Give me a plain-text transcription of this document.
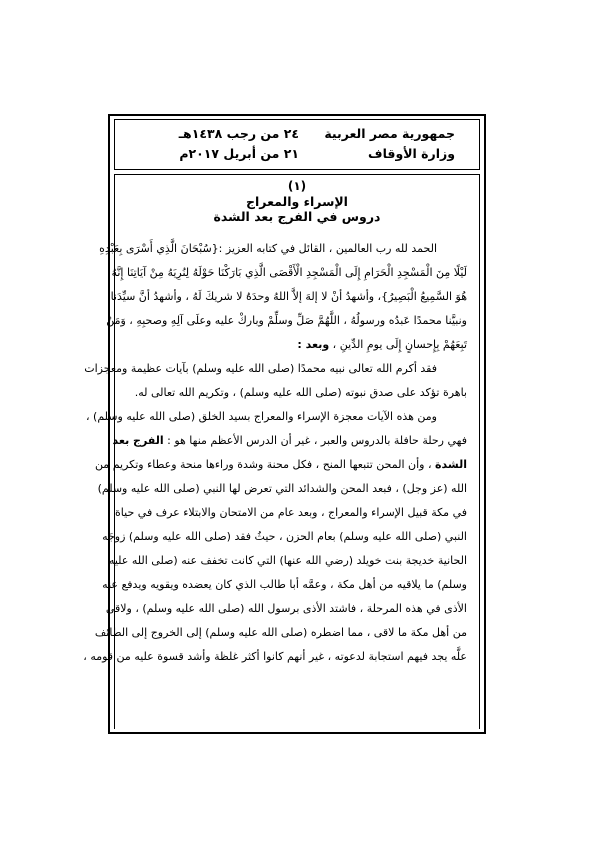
جمهورية مصر العربية
وزارة الأوقاف
٢٤ من رجب ١٤٣٨هـ
٢١ من أبريل ٢٠١٧م
(١)
الإسراء والمعراج
دروس في الفرج بعد الشدة
الحمد لله رب العالمين ، القائل في كتابه العزيز :{سُبْحَانَ الَّذِي أَسْرَى بِعَبْدِهِ
لَيْلًا مِنَ الْمَسْجِدِ الْحَرَامِ إِلَى الْمَسْجِدِ الْأَقْصَى الَّذِي بَارَكْنَا حَوْلَهُ لِنُرِيَهُ مِنْ آيَاتِنَا إِنَّهُ
هُوَ السَّمِيعُ الْبَصِيرُ}، وأشهدُ أنْ لا إلهَ إلاَّ اللهُ وحدَهُ لا شريكَ لَهُ ، وأشهدُ أنَّ سيِّدَنا
ونبيَّنا محمدًا عَبدُه ورسولُهُ ، اللَّهُمَّ صَلِّ وسلِّمْ وباركْ عليه وعلَى آلِهِ وصحبِهِ ، وَمَنْ
تَبِعَهُمْ بِإِحسانٍ إِلَى يومِ الدِّينِ ، وبعد :
فقد أكرم الله تعالى نبيه محمدًا (صلى الله عليه وسلم) بآيات عظيمة ومعجزات
باهرة تؤكد على صدق نبوته (صلى الله عليه وسلم) ، وتكريم الله تعالى له.
ومن هذه الآيات معجزة الإسراء والمعراج بسيد الخلق (صلى الله عليه وسلم) ،
فهي رحلة حافلة بالدروس والعبر ، غير أن الدرس الأعظم منها هو : الفرج بعد
الشدة ، وأن المحن تتبعها المنح ، فكل محنة وشدة وراءها منحة وعطاء وتكريم من
الله (عز وجل) ، فبعد المحن والشدائد التي تعرض لها النبي (صلى الله عليه وسلم)
في مكة قبيل الإسراء والمعراج ، وبعد عام من الامتحان والابتلاء عرف في حياة
النبي (صلى الله عليه وسلم) بعام الحزن ، حيثُ فقد (صلى الله عليه وسلم) زوجَه
الحانية خديجة بنت خويلد (رضي الله عنها) التي كانت تخفف عنه (صلى الله عليه
وسلم) ما يلاقيه من أهل مكة ، وعمَّه أبا طالب الذي كان يعضده ويقويه ويدفع عنه
الأذى في هذه المرحلة ، فاشتد الأذى برسول الله (صلى الله عليه وسلم) ، ولاقى
من أهل مكة ما لاقى ، مما اضطره (صلى الله عليه وسلم) إلى الخروج إلى الطائف
علَّه يجد فيهم استجابة لدعوته ، غير أنهم كانوا أكثر غلظة وأشد قسوة عليه من قومه ،
